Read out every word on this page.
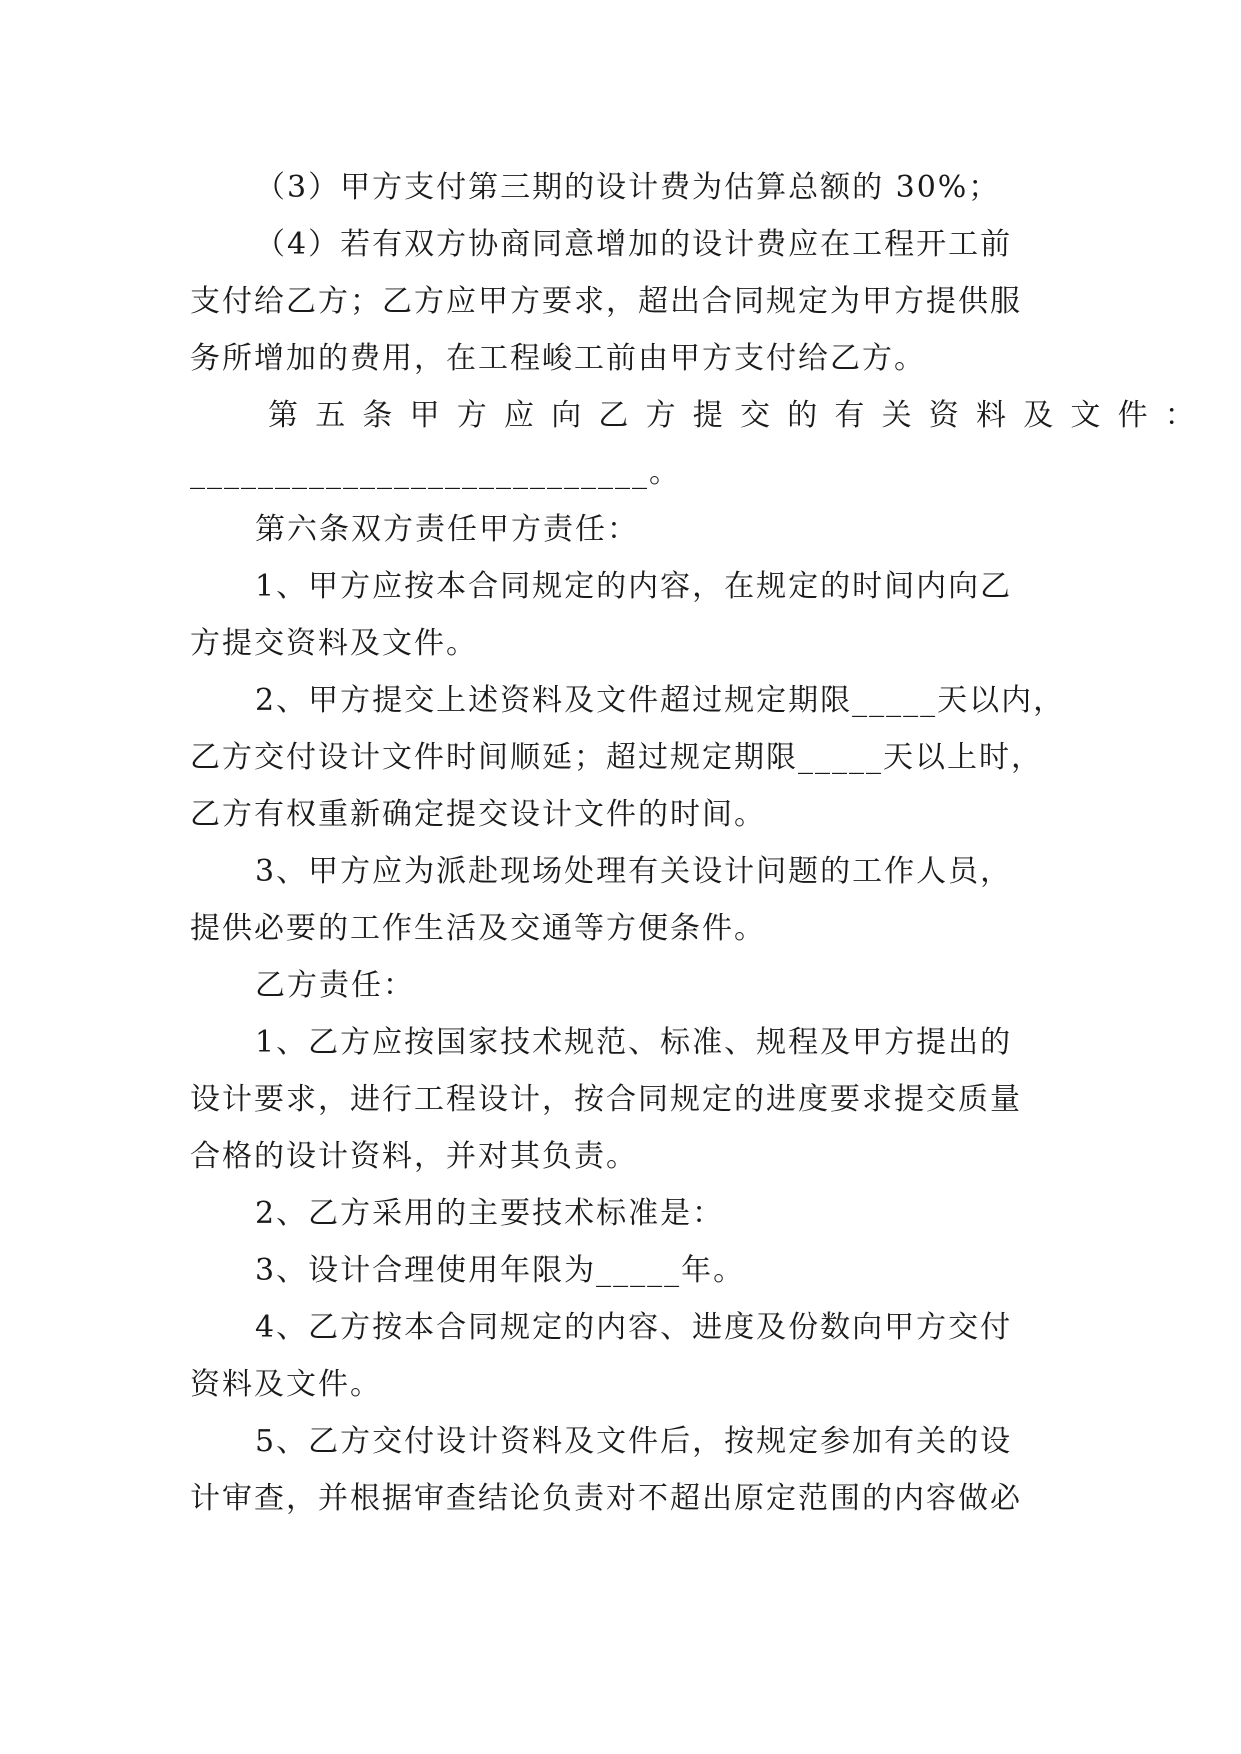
（3）甲方支付第三期的设计费为估算总额的 30%；
（4）若有双方协商同意增加的设计费应在工程开工前
支付给乙方；乙方应甲方要求，超出合同规定为甲方提供服
务所增加的费用，在工程峻工前由甲方支付给乙方。
第五条甲方应向乙方提交的有关资料及文件：
___________________________。
第六条双方责任甲方责任：
1、甲方应按本合同规定的内容，在规定的时间内向乙
方提交资料及文件。
2、甲方提交上述资料及文件超过规定期限_____天以内，
乙方交付设计文件时间顺延；超过规定期限_____天以上时，
乙方有权重新确定提交设计文件的时间。
3、甲方应为派赴现场处理有关设计问题的工作人员，
提供必要的工作生活及交通等方便条件。
乙方责任：
1、乙方应按国家技术规范、标准、规程及甲方提出的
设计要求，进行工程设计，按合同规定的进度要求提交质量
合格的设计资料，并对其负责。
2、乙方采用的主要技术标准是：
3、设计合理使用年限为_____年。
4、乙方按本合同规定的内容、进度及份数向甲方交付
资料及文件。
5、乙方交付设计资料及文件后，按规定参加有关的设
计审查，并根据审查结论负责对不超出原定范围的内容做必
